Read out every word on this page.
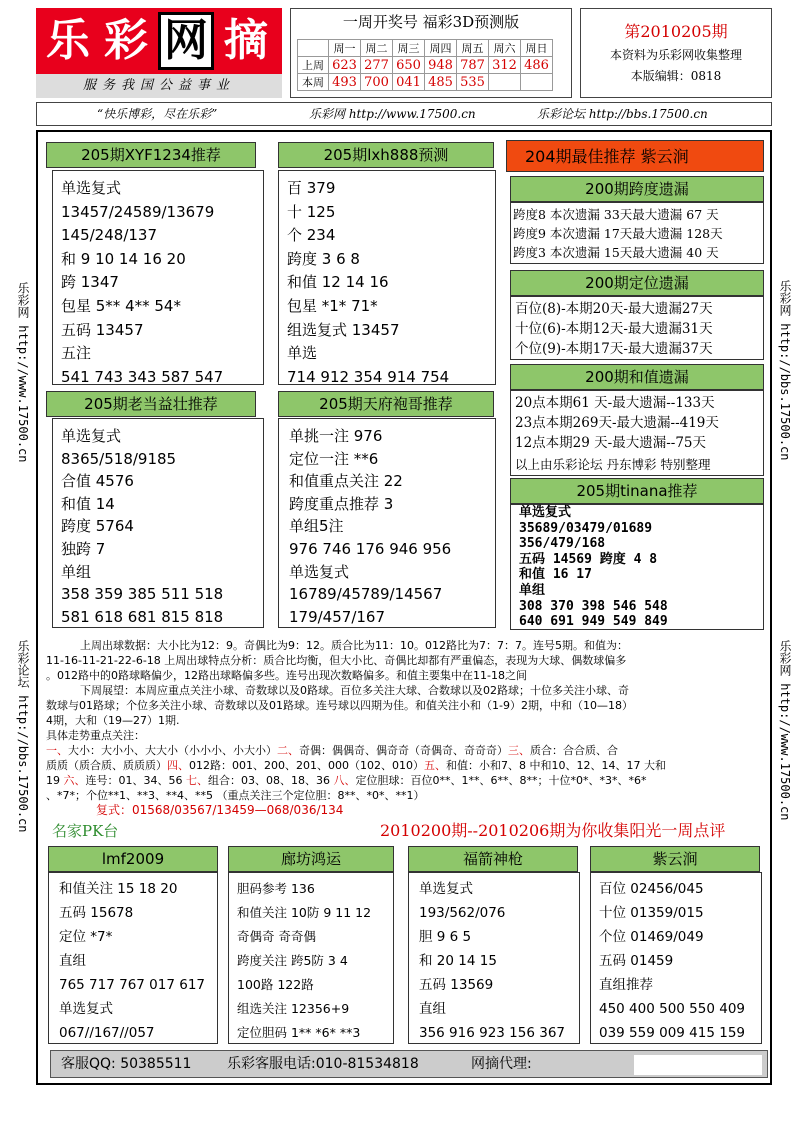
乐 彩 网 摘
服务我国公益事业
一周开奖号 福彩3D预测版
	周一	周二	周三	周四	周五	周六	周日
上周	623	277	650	948	787	312	486
本周	493	700	041	485	535		
第2010205期
本资料为乐彩网收集整理
本版编辑：0818
“快乐博彩，尽在乐彩”	乐彩网 http://www.17500.cn	乐彩论坛 http://bbs.17500.cn
乐彩网 http://www.17500.cn
乐彩论坛 http://bbs.17500.cn
乐彩网 http://bbs.17500.cn
乐彩网 http://www.17500.cn
205期XYF1234推荐
单选复式
13457/24589/13679
145/248/137
和 9 10 14 16 20
跨 1347
包星 5** 4** 54*
五码 13457
五注
541 743 343 587 547
205期lxh888预测
百 379
十 125
个 234
跨度 3 6 8
和值 12 14 16
包星 *1* 71*
组选复式 13457
单选
714 912 354 914 754
205期老当益壮推荐
单选复式
8365/518/9185
合值 4576
和值 14
跨度 5764
独跨 7
单组
358 359 385 511 518
581 618 681 815 818
205期天府袍哥推荐
单挑一注 976
定位一注 **6
和值重点关注 22
跨度重点推荐 3
单组5注
976 746 176 946 956
单选复式
16789/45789/14567
179/457/167
204期最佳推荐 紫云涧
200期跨度遗漏
跨度8 本次遗漏 33天最大遗漏 67 天
跨度9 本次遗漏 17天最大遗漏 128天
跨度3 本次遗漏 15天最大遗漏 40 天
200期定位遗漏
百位(8)-本期20天-最大遗漏27天
十位(6)-本期12天-最大遗漏31天
个位(9)-本期17天-最大遗漏37天
200期和值遗漏
20点本期61 天-最大遗漏--133天
23点本期269天-最大遗漏--419天
12点本期29 天-最大遗漏--75天
以上由乐彩论坛 丹东博彩 特别整理
205期tinana推荐
单选复式
35689/03479/01689
356/479/168
五码 14569 跨度 4 8
和值 16 17
单组
308 370 398 546 548
640 691 949 549 849
上周出球数据：大小比为12：9。奇偶比为9：12。质合比为11：10。012路比为7：7：7。连号5期。和值为：
11-16-11-21-22-6-18 上周出球特点分析：质合比均衡，但大小比、奇偶比却都有严重偏态，表现为大球、偶数球偏多
。012路中的0路球略偏少，12路出球略偏多些。连号出现次数略偏多。和值主要集中在11-18之间
下周展望：本周应重点关注小球、奇数球以及0路球。百位多关注大球、合数球以及02路球；十位多关注小球、奇
数球与01路球；个位多关注小球、奇数球以及01路球。连号球以四期为佳。和值关注小和（1-9）2期，中和（10—18）
4期，大和（19—27）1期.
具体走势重点关注：
一、大小：大小小、大大小（小小小、小大小）二、奇偶：偶偶奇、偶奇奇（奇偶奇、奇奇奇）三、质合：合合质、合
质质（质合质、质质质）四、012路：001、200、201、000（102、010）五、和值：小和7、8 中和10、12、14、17 大和
19 六、连号：01、34、56 七、组合：03、08、18、36 八、定位胆球：百位0**、1**、6**、8**；十位*0*、*3*、*6*
、*7*；个位**1、**3、**4、**5 （重点关注三个定位胆：8**、*0*、**1）
复式：01568/03567/13459—068/036/134
名家PK台	2010200期--2010206期为你收集阳光一周点评
lmf2009
和值关注 15 18 20
五码 15678
定位 *7*
直组
765 717 767 017 617
单选复式
067//167//057
廊坊鸿运
胆码参考 136
和值关注 10防 9 11 12
奇偶奇 奇奇偶
跨度关注 跨5防 3 4
100路 122路
组选关注 12356+9
定位胆码 1** *6* **3
福箭神枪
单选复式
193/562/076
胆 9 6 5
和 20 14 15
五码 13569
直组
356 916 923 156 367
紫云涧
百位 02456/045
十位 01359/015
个位 01469/049
五码 01459
直组推荐
450 400 500 550 409
039 559 009 415 159
客服QQ: 50385511	乐彩客服电话:010-81534818	网摘代理:
